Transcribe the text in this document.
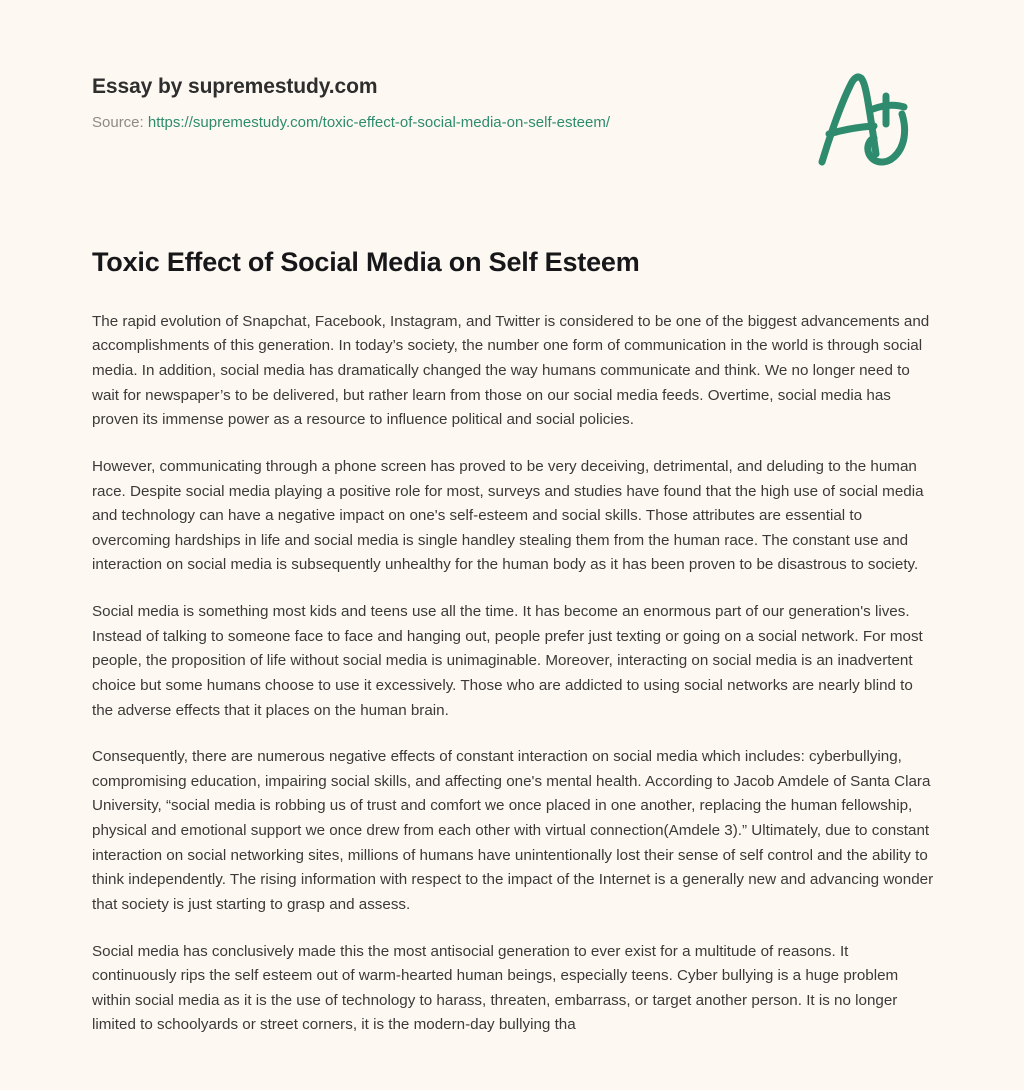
Essay by supremestudy.com
Source: https://supremestudy.com/toxic-effect-of-social-media-on-self-esteem/
Toxic Effect of Social Media on Self Esteem

The rapid evolution of Snapchat, Facebook, Instagram, and Twitter is considered to be one of the biggest advancements and accomplishments of this generation. In today’s society, the number one form of communication in the world is through social media. In addition, social media has dramatically changed the way humans communicate and think. We no longer need to wait for newspaper’s to be delivered, but rather learn from those on our social media feeds. Overtime, social media has proven its immense power as a resource to influence political and social policies.

However, communicating through a phone screen has proved to be very deceiving, detrimental, and deluding to the human race. Despite social media playing a positive role for most, surveys and studies have found that the high use of social media and technology can have a negative impact on one's self-esteem and social skills. Those attributes are essential to overcoming hardships in life and social media is single handley stealing them from the human race. The constant use and interaction on social media is subsequently unhealthy for the human body as it has been proven to be disastrous to society.

Social media is something most kids and teens use all the time. It has become an enormous part of our generation's lives. Instead of talking to someone face to face and hanging out, people prefer just texting or going on a social network. For most people, the proposition of life without social media is unimaginable. Moreover, interacting on social media is an inadvertent choice but some humans choose to use it excessively. Those who are addicted to using social networks are nearly blind to the adverse effects that it places on the human brain.

Consequently, there are numerous negative effects of constant interaction on social media which includes: cyberbullying, compromising education, impairing social skills, and affecting one's mental health. According to Jacob Amdele of Santa Clara University, “social media is robbing us of trust and comfort we once placed in one another, replacing the human fellowship, physical and emotional support we once drew from each other with virtual connection(Amdele 3).” Ultimately, due to constant interaction on social networking sites, millions of humans have unintentionally lost their sense of self control and the ability to think independently. The rising information with respect to the impact of the Internet is a generally new and advancing wonder that society is just starting to grasp and assess.

Social media has conclusively made this the most antisocial generation to ever exist for a multitude of reasons. It continuously rips the self esteem out of warm-hearted human beings, especially teens. Cyber bullying is a huge problem within social media as it is the use of technology to harass, threaten, embarrass, or target another person. It is no longer limited to schoolyards or street corners, it is the modern-day bullying tha
